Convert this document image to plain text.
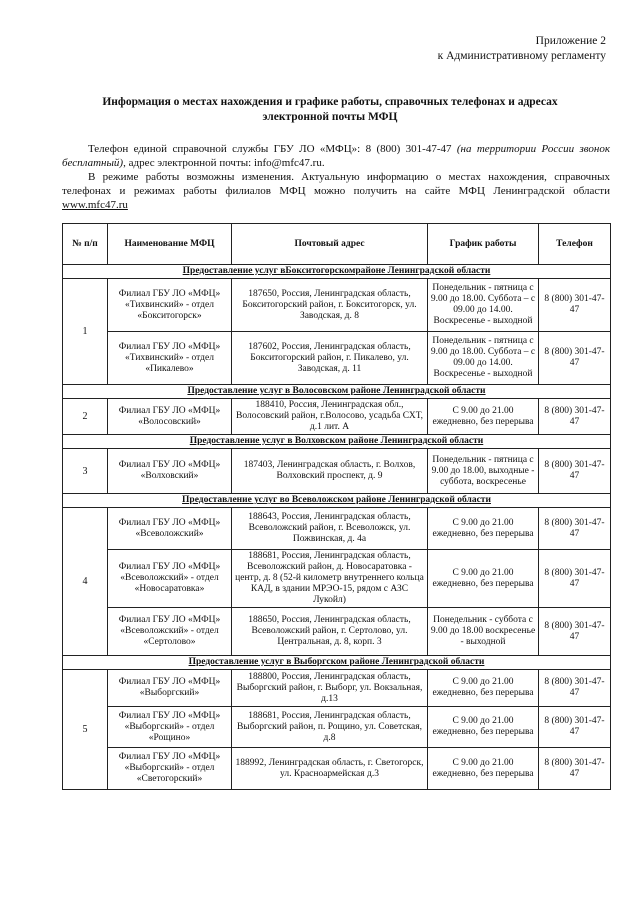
Приложение 2
к Административному регламенту
Информация о местах нахождения и графике работы, справочных телефонах и адресах электронной почты МФЦ
Телефон единой справочной службы ГБУ ЛО «МФЦ»: 8 (800) 301-47-47 (на территории России звонок бесплатный), адрес электронной почты: info@mfc47.ru.
В режиме работы возможны изменения. Актуальную информацию о местах нахождения, справочных телефонах и режимах работы филиалов МФЦ можно получить на сайте МФЦ Ленинградской области www.mfc47.ru
№ п/п	Наименование МФЦ	Почтовый адрес	График работы	Телефон
Предоставление услуг вБокситогорскомрайоне Ленинградской области				
1	Филиал ГБУ ЛО «МФЦ» «Тихвинский» - отдел «Бокситогорск»	187650, Россия, Ленинградская область, Бокситогорский район, г. Бокситогорск, ул. Заводская, д. 8	Понедельник - пятница с 9.00 до 18.00. Суббота – с 09.00 до 14.00. Воскресенье - выходной	8 (800) 301-47-47
	Филиал ГБУ ЛО «МФЦ» «Тихвинский» - отдел «Пикалево»	187602, Россия, Ленинградская область, Бокситогорский район, г. Пикалево, ул. Заводская, д. 11	Понедельник - пятница с 9.00 до 18.00. Суббота – с 09.00 до 14.00. Воскресенье - выходной	8 (800) 301-47-47
Предоставление услуг в Волосовском районе Ленинградской области				
2	Филиал ГБУ ЛО «МФЦ» «Волосовский»	188410, Россия, Ленинградская обл., Волосовский район, г.Волосово, усадьба СХТ, д.1 лит. А	С 9.00 до 21.00 ежедневно, без перерыва	8 (800) 301-47-47
Предоставление услуг в Волховском районе Ленинградской области				
3	Филиал ГБУ ЛО «МФЦ» «Волховский»	187403, Ленинградская область, г. Волхов, Волховский проспект, д. 9	Понедельник - пятница с 9.00 до 18.00, выходные - суббота, воскресенье	8 (800) 301-47-47
Предоставление услуг во Всеволожском районе Ленинградской области				
4	Филиал ГБУ ЛО «МФЦ» «Всеволожский»	188643, Россия, Ленинградская область, Всеволожский район, г. Всеволожск, ул. Пожвинская, д. 4а	С 9.00 до 21.00 ежедневно, без перерыва	8 (800) 301-47-47
	Филиал ГБУ ЛО «МФЦ» «Всеволожский» - отдел «Новосаратовка»	188681, Россия, Ленинградская область, Всеволожский район, д. Новосаратовка - центр, д. 8 (52-й километр внутреннего кольца КАД, в здании МРЭО-15, рядом с АЗС Лукойл)	С 9.00 до 21.00 ежедневно, без перерыва	8 (800) 301-47-47
	Филиал ГБУ ЛО «МФЦ» «Всеволожский» - отдел «Сертолово»	188650, Россия, Ленинградская область, Всеволожский район, г. Сертолово, ул. Центральная, д. 8, корп. 3	Понедельник - суббота с 9.00 до 18.00 воскресенье - выходной	8 (800) 301-47-47
Предоставление услуг в Выборгском районе Ленинградской области				
5	Филиал ГБУ ЛО «МФЦ» «Выборгский»	188800, Россия, Ленинградская область, Выборгский район, г. Выборг, ул. Вокзальная, д.13	С 9.00 до 21.00 ежедневно, без перерыва	8 (800) 301-47-47
	Филиал ГБУ ЛО «МФЦ» «Выборгский» - отдел «Рощино»	188681, Россия, Ленинградская область, Выборгский район, п. Рощино, ул. Советская, д.8	С 9.00 до 21.00 ежедневно, без перерыва	8 (800) 301-47-47
	Филиал ГБУ ЛО «МФЦ» «Выборгский» - отдел «Светогорский»	188992, Ленинградская область, г. Светогорск, ул. Красноармейская д.3	С 9.00 до 21.00 ежедневно, без перерыва	8 (800) 301-47-47
